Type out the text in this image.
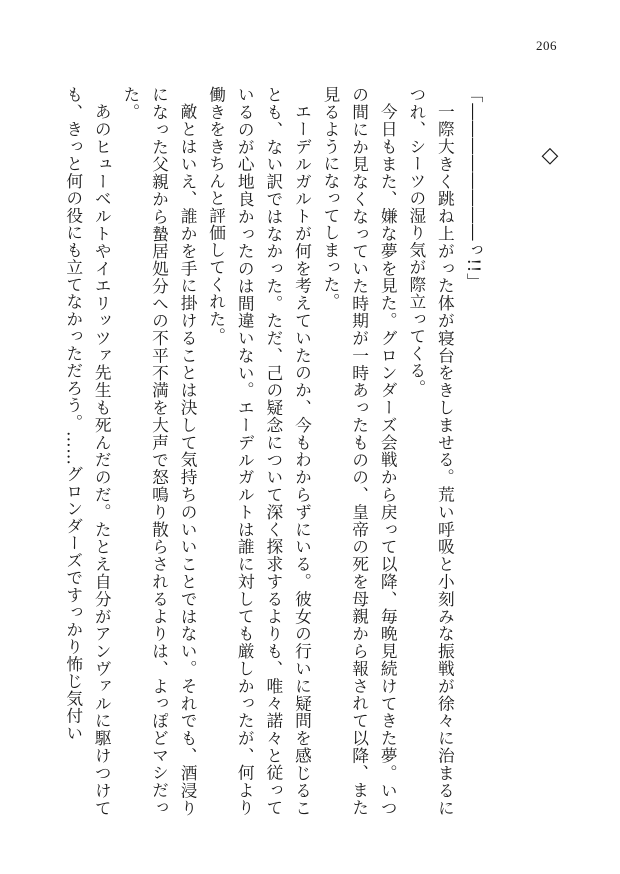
206
◇

「――――――――っ!!」

一際大きく跳ね上がった体が寝台をきしませる。荒い呼吸と小刻みな振戦が徐々に治まるにつれ、シーツの湿り気が際立ってくる。

今日もまた、嫌な夢を見た。グロンダーズ会戦から戻って以降、毎晩見続けてきた夢。いつの間にか見なくなっていた時期が一時あったものの、皇帝の死を母親から報されて以降、また見るようになってしまった。

エーデルガルトが何を考えていたのか、今もわからずにいる。彼女の行いに疑問を感じることも、ない訳ではなかった。ただ、己の疑念について深く探求するよりも、唯々諾々と従っているのが心地良かったのは間違いない。エーデルガルトは誰に対しても厳しかったが、何より働きをきちんと評価してくれた。

敵とはいえ、誰かを手に掛けることは決して気持ちのいいことではない。それでも、酒浸りになった父親から蟄居処分への不平不満を大声で怒鳴り散らされるよりは、よっぽどマシだった。

あのヒューベルトやイエリッツァ先生も死んだのだ。たとえ自分がアンヴァルに駆けつけても、きっと何の役にも立てなかっただろう。……グロンダーズですっかり怖じ気付い
